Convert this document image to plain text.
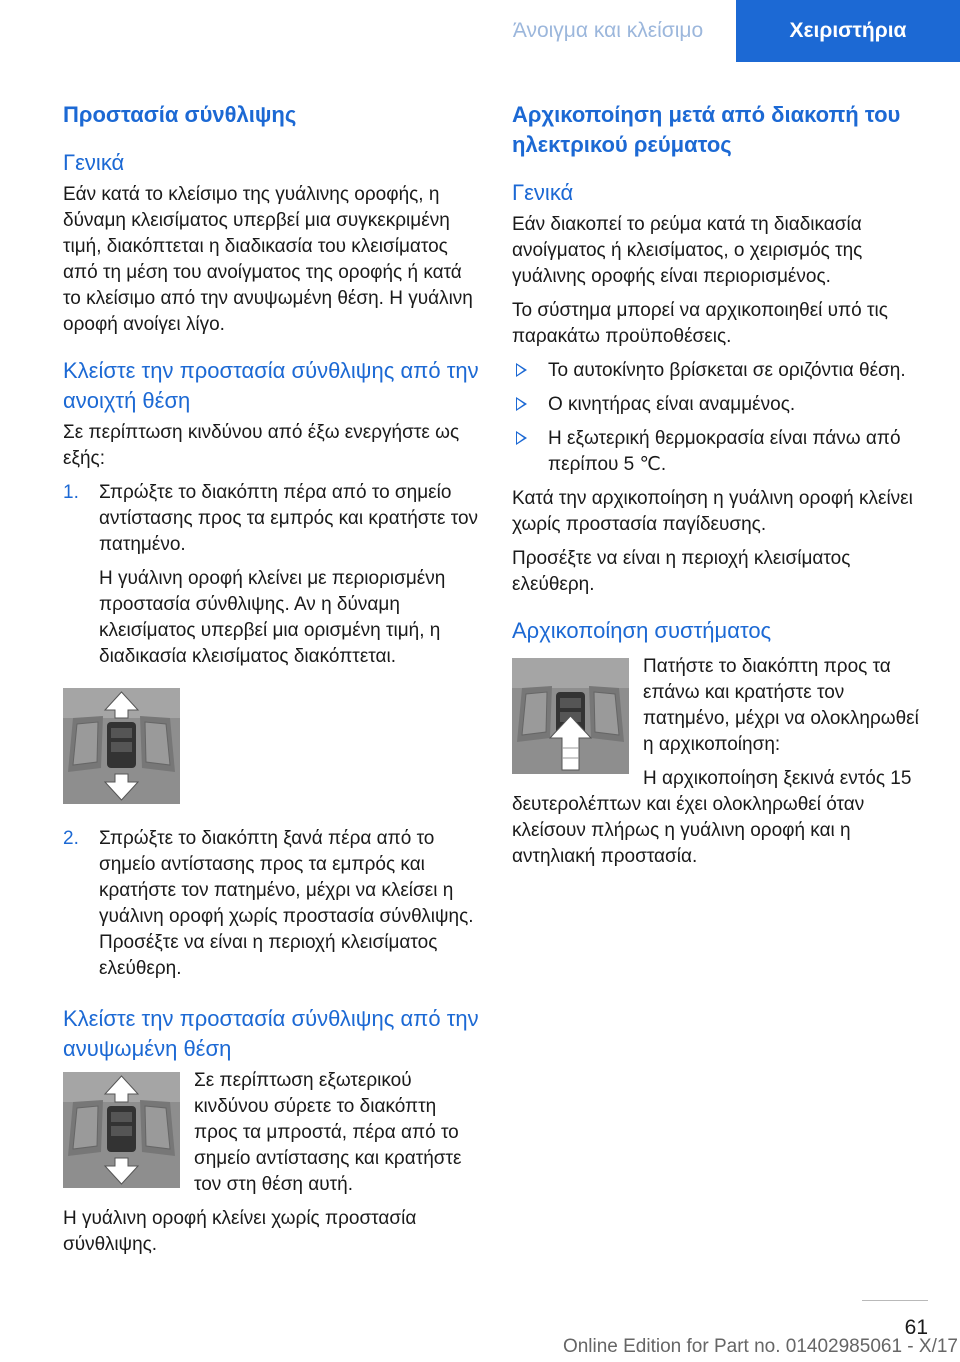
Άνοιγμα και κλείσιμο	Χειριστήρια
Προστασία σύνθλιψης
Γενικά
Εάν κατά το κλείσιμο της γυάλινης οροφής, η δύναμη κλεισίματος υπερβεί μια συγκεκριμένη τιμή, διακόπτεται η διαδικασία του κλεισίματος από τη μέση του ανοίγματος της οροφής ή κατά το κλείσιμο από την ανυψωμένη θέση. Η γυάλινη οροφή ανοίγει λίγο.
Κλείστε την προστασία σύνθλιψης από την ανοιχτή θέση
Σε περίπτωση κινδύνου από έξω ενεργήστε ως εξής:
1. Σπρώξτε το διακόπτη πέρα από το σημείο αντίστασης προς τα εμπρός και κρατήστε τον πατημένο.
Η γυάλινη οροφή κλείνει με περιορισμένη προστασία σύνθλιψης. Αν η δύναμη κλεισίματος υπερβεί μια ορισμένη τιμή, η διαδικασία κλεισίματος διακόπτεται.
2. Σπρώξτε το διακόπτη ξανά πέρα από το σημείο αντίστασης προς τα εμπρός και κρατήστε τον πατημένο, μέχρι να κλείσει η γυάλινη οροφή χωρίς προστασία σύνθλιψης. Προσέξτε να είναι η περιοχή κλεισίματος ελεύθερη.
Κλείστε την προστασία σύνθλιψης από την ανυψωμένη θέση
Σε περίπτωση εξωτερικού κινδύνου σύρετε το διακόπτη προς τα μπροστά, πέρα από το σημείο αντίστασης και κρατήστε τον στη θέση αυτή.
Η γυάλινη οροφή κλείνει χωρίς προστασία σύνθλιψης.
Αρχικοποίηση μετά από διακοπή του ηλεκτρικού ρεύματος
Γενικά
Εάν διακοπεί το ρεύμα κατά τη διαδικασία ανοίγματος ή κλεισίματος, ο χειρισμός της γυάλινης οροφής είναι περιορισμένος.
Το σύστημα μπορεί να αρχικοποιηθεί υπό τις παρακάτω προϋποθέσεις.
Το αυτοκίνητο βρίσκεται σε οριζόντια θέση.
Ο κινητήρας είναι αναμμένος.
Η εξωτερική θερμοκρασία είναι πάνω από περίπου 5 ℃.
Κατά την αρχικοποίηση η γυάλινη οροφή κλείνει χωρίς προστασία παγίδευσης.
Προσέξτε να είναι η περιοχή κλεισίματος ελεύθερη.
Αρχικοποίηση συστήματος
Πατήστε το διακόπτη προς τα επάνω και κρατήστε τον πατημένο, μέχρι να ολοκληρωθεί η αρχικοποίηση:
Η αρχικοποίηση ξεκινά εντός 15 δευτερολέπτων και έχει ολοκληρωθεί όταν κλείσουν πλήρως η γυάλινη οροφή και η αντηλιακή προστασία.
61
Online Edition for Part no. 01402985061 - X/17
